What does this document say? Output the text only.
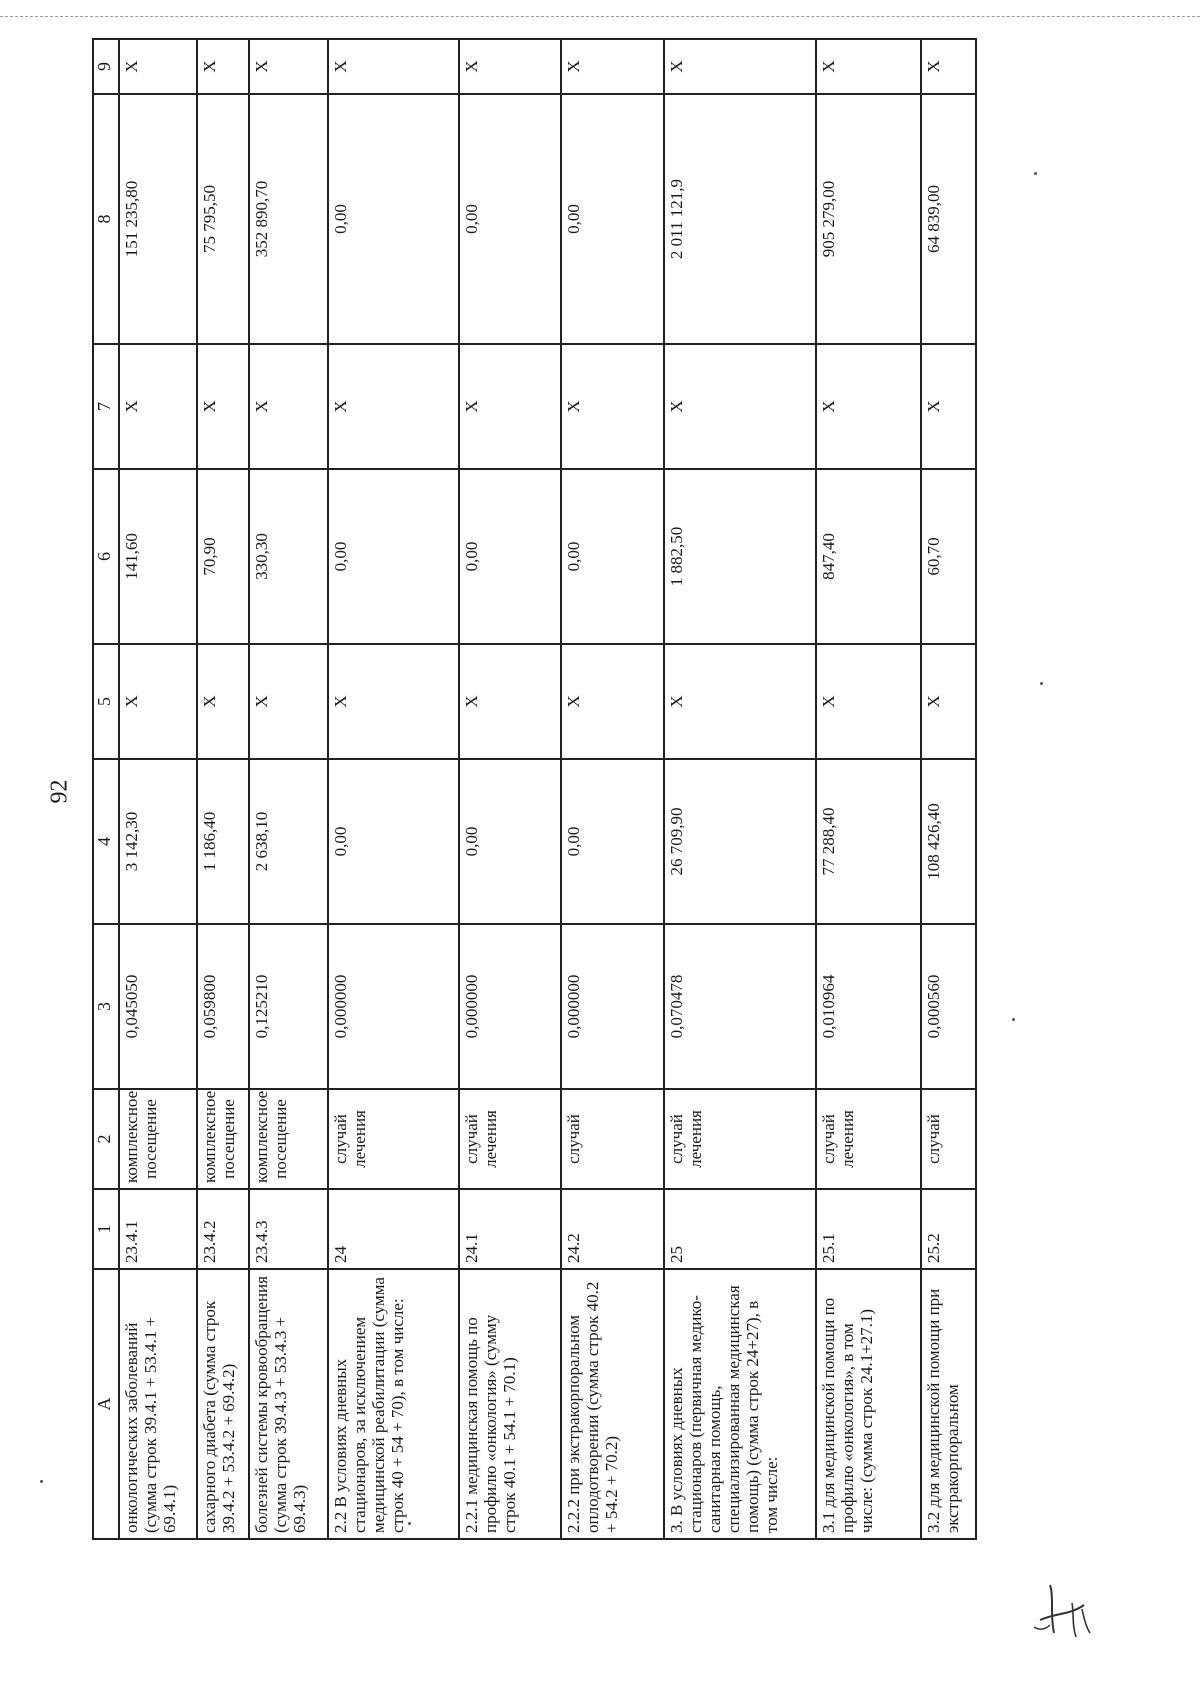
92
A	1	2	3	4	5	6	7	8	9
онкологических заболеваний (сумма строк 39.4.1 + 53.4.1 + 69.4.1)	23.4.1	комплексное посещение	0,045050	3 142,30	X	141,60	X	151 235,80	X
сахарного диабета (сумма строк 39.4.2 + 53.4.2 + 69.4.2)	23.4.2	комплексное посещение	0,059800	1 186,40	X	70,90	X	75 795,50	X
болезней системы кровообращения (сумма строк 39.4.3 + 53.4.3 + 69.4.3)	23.4.3	комплексное посещение	0,125210	2 638,10	X	330,30	X	352 890,70	X
2.2 В условиях дневных стационаров, за исключением медицинской реабилитации (сумма строк 40 + 54 + 70), в том числе:	24	случай лечения	0,000000	0,00	X	0,00	X	0,00	X
2.2.1 медицинская помощь по профилю «онкология» (сумму строк 40.1 + 54.1 + 70.1)	24.1	случай лечения	0,000000	0,00	X	0,00	X	0,00	X
2.2.2 при экстракорпоральном оплодотворении (сумма строк 40.2 + 54.2 + 70.2)	24.2	случай	0,000000	0,00	X	0,00	X	0,00	X
3. В условиях дневных стационаров (первичная медико-санитарная помощь, специализированная медицинская помощь) (сумма строк 24+27), в том числе:	25	случай лечения	0,070478	26 709,90	X	1 882,50	X	2 011 121,9	X
3.1 для медицинской помощи по профилю «онкология», в том числе: (сумма строк 24.1+27.1)	25.1	случай лечения	0,010964	77 288,40	X	847,40	X	905 279,00	X
3.2 для медицинской помощи при экстракорпоральном	25.2	случай	0,000560	108 426,40	X	60,70	X	64 839,00	X
